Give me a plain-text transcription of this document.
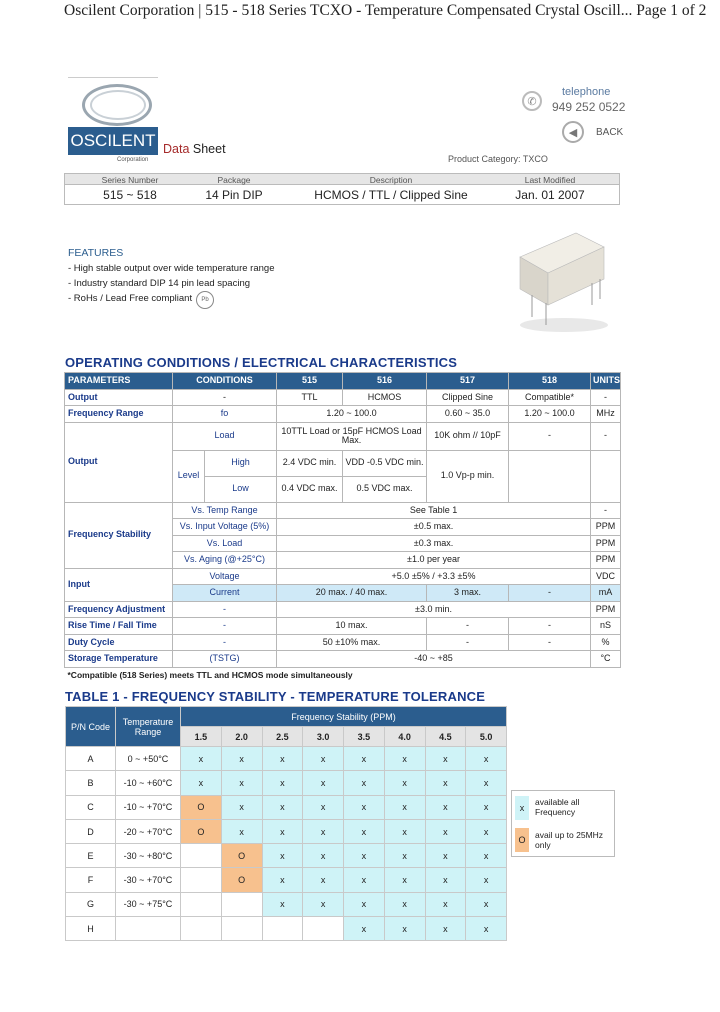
Oscilent Corporation | 515 - 518 Series TCXO - Temperature Compensated Crystal Oscill... Page 1 of 2
OSCILENT
Corporation
Data Sheet
✆
telephone
949 252 0522
◀	BACK
Product Category: TXCO
Series Number
515 ~ 518
Package
14 Pin DIP
Description
HCMOS / TTL / Clipped Sine
Last Modified
Jan. 01 2007
FEATURES
- High stable output over wide temperature range
- Industry standard DIP 14 pin lead spacing
- RoHs / Lead Free compliant	Pb
OPERATING CONDITIONS / ELECTRICAL CHARACTERISTICS
PARAMETERS	CONDITIONS		515	516	517	518	UNITS
Output	-		TTL	HCMOS	Clipped Sine	Compatible*	-
Frequency Range	fo		1.20 ~ 100.0		0.60 ~ 35.0	1.20 ~ 100.0	MHz
Output	Load		10TTL Load or 15pF HCMOS Load Max.		10K ohm // 10pF	-	-
	Level	High	2.4 VDC min.	VDD -0.5 VDC min.	1.0 Vp-p min.		
		Low	0.4 VDC max.	0.5 VDC max.			
Frequency Stability	Vs. Temp Range		See Table 1				-
	Vs. Input Voltage (5%)		±0.5 max.				PPM
	Vs. Load		±0.3 max.				PPM
	Vs. Aging (@+25°C)		±1.0 per year				PPM
Input	Voltage		+5.0 ±5% / +3.3 ±5%				VDC
	Current		20 max. / 40 max.		3 max.	-	mA
Frequency Adjustment	-		±3.0 min.				PPM
Rise Time / Fall Time	-		10 max.		-	-	nS
Duty Cycle	-		50 ±10% max.		-	-	%
Storage Temperature	(TSTG)		-40 ~ +85				°C
*Compatible (518 Series) meets TTL and HCMOS mode simultaneously							
TABLE 1 - FREQUENCY STABILITY - TEMPERATURE TOLERANCE
P/N Code	Temperature Range	Frequency Stability (PPM)							
		1.5	2.0	2.5	3.0	3.5	4.0	4.5	5.0
A	0 ~ +50°C	x	x	x	x	x	x	x	x
B	-10 ~ +60°C	x	x	x	x	x	x	x	x
C	-10 ~ +70°C	O	x	x	x	x	x	x	x
D	-20 ~ +70°C	O	x	x	x	x	x	x	x
E	-30 ~ +80°C		O	x	x	x	x	x	x
F	-30 ~ +70°C		O	x	x	x	x	x	x
G	-30 ~ +75°C			x	x	x	x	x	x
H						x	x	x	x
x
available all Frequency
O	avail up to 25MHz only
